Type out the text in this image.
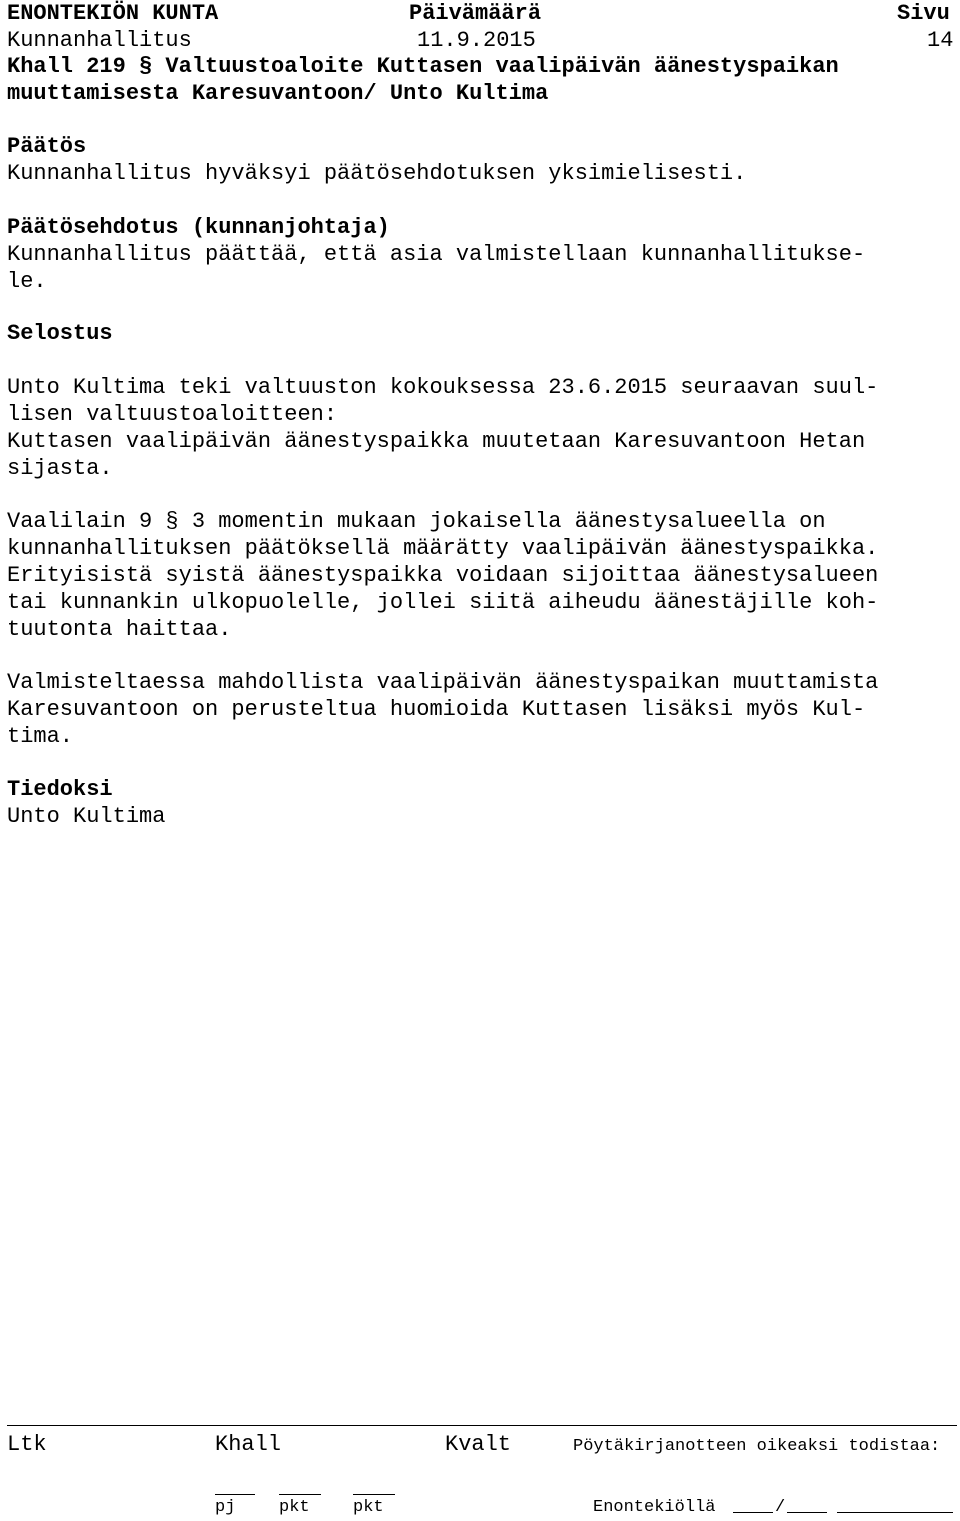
ENONTEKIÖN KUNTA	Päivämäärä	Sivu
Kunnanhallitus	11.9.2015	14
Khall 219 § Valtuustoaloite Kuttasen vaalipäivän äänestyspaikan
muuttamisesta Karesuvantoon/ Unto Kultima
Päätös
Kunnanhallitus hyväksyi päätösehdotuksen yksimielisesti.
Päätösehdotus (kunnanjohtaja)
Kunnanhallitus päättää, että asia valmistellaan kunnanhallitukse-
le.
Selostus
Unto Kultima teki valtuuston kokouksessa 23.6.2015 seuraavan suul-
lisen valtuustoaloitteen:
Kuttasen vaalipäivän äänestyspaikka muutetaan Karesuvantoon Hetan
sijasta.
Vaalilain 9 § 3 momentin mukaan jokaisella äänestysalueella on
kunnanhallituksen päätöksellä määrätty vaalipäivän äänestyspaikka.
Erityisistä syistä äänestyspaikka voidaan sijoittaa äänestysalueen
tai kunnankin ulkopuolelle, jollei siitä aiheudu äänestäjille koh-
tuutonta haittaa.
Valmisteltaessa mahdollista vaalipäivän äänestyspaikan muuttamista
Karesuvantoon on perusteltua huomioida Kuttasen lisäksi myös Kul-
tima.
Tiedoksi
Unto Kultima
Ltk	Khall	Kvalt	Pöytäkirjanotteen oikeaksi todistaa:
pj	pkt	pkt	Enontekiöllä	/
